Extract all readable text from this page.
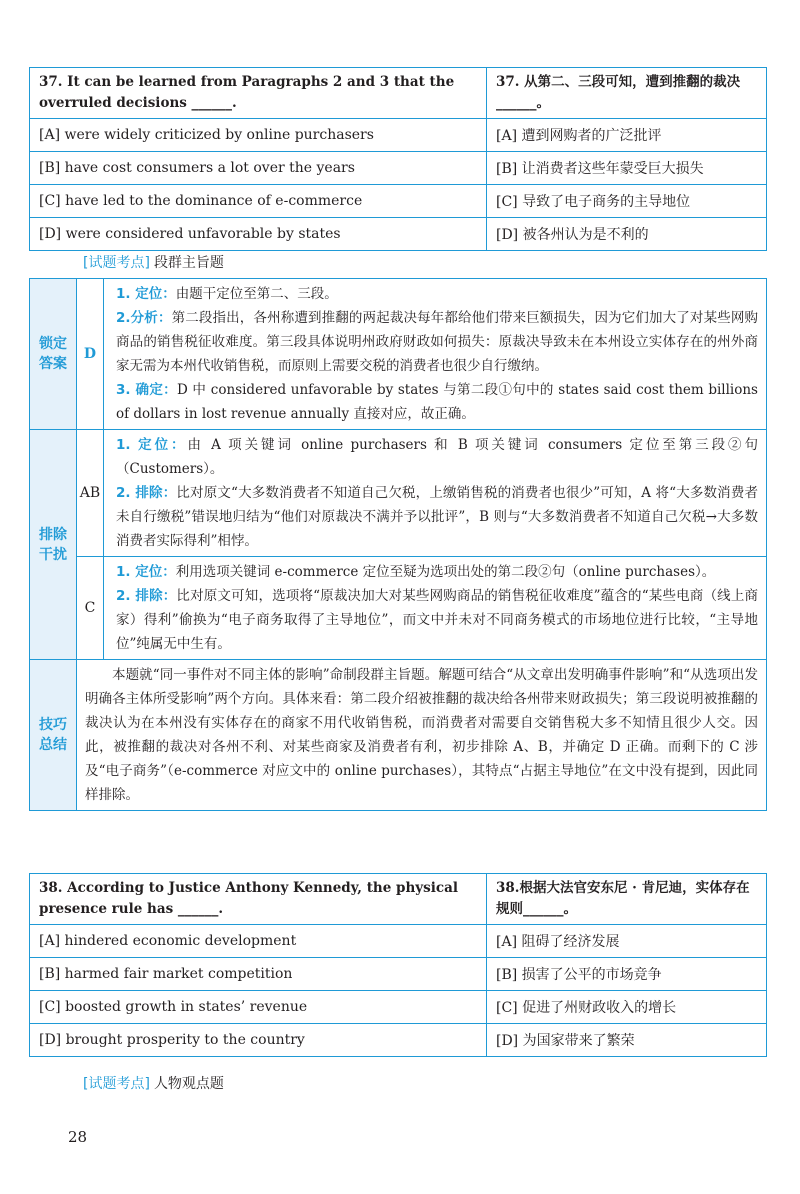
37. It can be learned from Paragraphs 2 and 3 that the overruled decisions ______.	37. 从第二、三段可知，遭到推翻的裁决______。
[A] were widely criticized by online purchasers	[A] 遭到网购者的广泛批评
[B] have cost consumers a lot over the years	[B] 让消费者这些年蒙受巨大损失
[C] have led to the dominance of e-commerce	[C] 导致了电子商务的主导地位
[D] were considered unfavorable by states	[D] 被各州认为是不利的
[试题考点] 段群主旨题
锁定答案	D	1. 定位：由题干定位至第二、三段。

2.分析：第二段指出，各州称遭到推翻的两起裁决每年都给他们带来巨额损失，因为它们加大了对某些网购商品的销售税征收难度。第三段具体说明州政府财政如何损失：原裁决导致未在本州设立实体存在的州外商家无需为本州代收销售税，而原则上需要交税的消费者也很少自行缴纳。

3. 确定：D 中 considered unfavorable by states 与第二段①句中的 states said cost them billions of dollars in lost revenue annually 直接对应，故正确。

排除干扰	AB	1. 定位：由 A 项关键词 online purchasers 和 B 项关键词 consumers 定位至第三段②句（Customers）。

2. 排除：比对原文“大多数消费者不知道自己欠税，上缴销售税的消费者也很少”可知，A 将“大多数消费者未自行缴税”错误地归结为“他们对原裁决不满并予以批评”，B 则与“大多数消费者不知道自己欠税→大多数消费者实际得利”相悖。

	C	1. 定位：利用选项关键词 e-commerce 定位至疑为选项出处的第二段②句（online purchases）。

2. 排除：比对原文可知，选项将“原裁决加大对某些网购商品的销售税征收难度”蕴含的“某些电商（线上商家）得利”偷换为“电子商务取得了主导地位”，而文中并未对不同商务模式的市场地位进行比较，“主导地位”纯属无中生有。

技巧总结	本题就“同一事件对不同主体的影响”命制段群主旨题。解题可结合“从文章出发明确事件影响”和“从选项出发明确各主体所受影响”两个方向。具体来看：第二段介绍被推翻的裁决给各州带来财政损失；第三段说明被推翻的裁决认为在本州没有实体存在的商家不用代收销售税，而消费者对需要自交销售税大多不知情且很少人交。因此，被推翻的裁决对各州不利、对某些商家及消费者有利，初步排除 A、B，并确定 D 正确。而剩下的 C 涉及“电子商务”（e-commerce 对应文中的 online purchases），其特点“占据主导地位”在文中没有提到，因此同样排除。	
38. According to Justice Anthony Kennedy, the physical presence rule has ______.	38.根据大法官安东尼 · 肯尼迪，实体存在规则______。
[A] hindered economic development	[A] 阻碍了经济发展
[B] harmed fair market competition	[B] 损害了公平的市场竞争
[C] boosted growth in states’ revenue	[C] 促进了州财政收入的增长
[D] brought prosperity to the country	[D] 为国家带来了繁荣
[试题考点] 人物观点题
28
